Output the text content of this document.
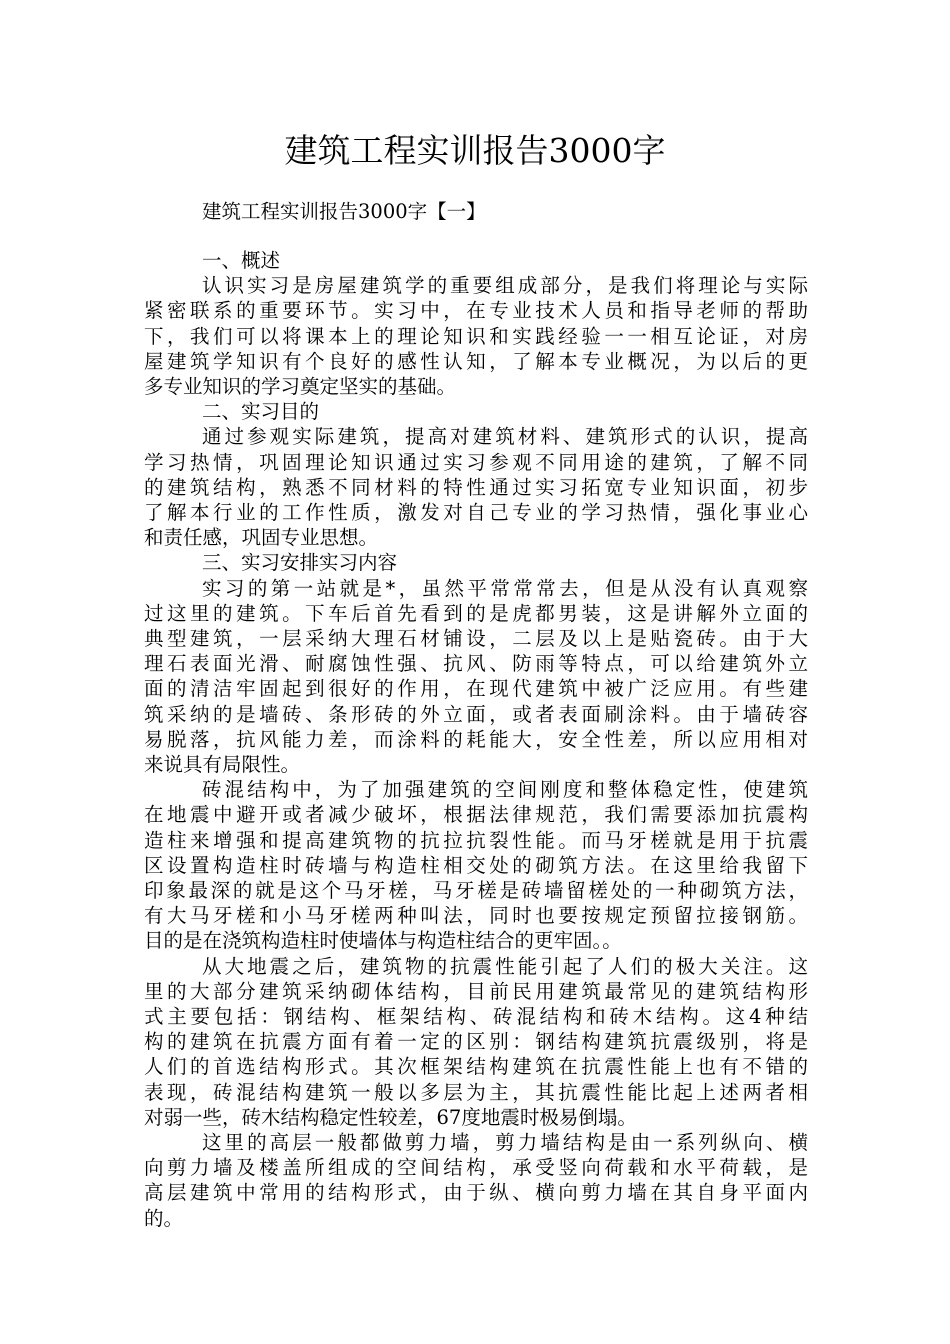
建筑工程实训报告3000字
建筑工程实训报告3000字【一】
一、概述
认识实习是房屋建筑学的重要组成部分，是我们将理论与实际
紧密联系的重要环节。实习中，在专业技术人员和指导老师的帮助
下，我们可以将课本上的理论知识和实践经验一一相互论证，对房
屋建筑学知识有个良好的感性认知，了解本专业概况，为以后的更
多专业知识的学习奠定坚实的基础。
二、实习目的
通过参观实际建筑，提高对建筑材料、建筑形式的认识，提高
学习热情，巩固理论知识通过实习参观不同用途的建筑，了解不同
的建筑结构，熟悉不同材料的特性通过实习拓宽专业知识面，初步
了解本行业的工作性质，激发对自己专业的学习热情，强化事业心
和责任感，巩固专业思想。
三、实习安排实习内容
实习的第一站就是*，虽然平常常常去，但是从没有认真观察
过这里的建筑。下车后首先看到的是虎都男装，这是讲解外立面的
典型建筑，一层采纳大理石材铺设，二层及以上是贴瓷砖。由于大
理石表面光滑、耐腐蚀性强、抗风、防雨等特点，可以给建筑外立
面的清洁牢固起到很好的作用，在现代建筑中被广泛应用。有些建
筑采纳的是墙砖、条形砖的外立面，或者表面刷涂料。由于墙砖容
易脱落，抗风能力差，而涂料的耗能大，安全性差，所以应用相对
来说具有局限性。
砖混结构中，为了加强建筑的空间刚度和整体稳定性，使建筑
在地震中避开或者减少破坏，根据法律规范，我们需要添加抗震构
造柱来增强和提高建筑物的抗拉抗裂性能。而马牙槎就是用于抗震
区设置构造柱时砖墙与构造柱相交处的砌筑方法。在这里给我留下
印象最深的就是这个马牙槎，马牙槎是砖墙留槎处的一种砌筑方法，
有大马牙槎和小马牙槎两种叫法，同时也要按规定预留拉接钢筋。
目的是在浇筑构造柱时使墙体与构造柱结合的更牢固。。
从大地震之后，建筑物的抗震性能引起了人们的极大关注。这
里的大部分建筑采纳砌体结构，目前民用建筑最常见的建筑结构形
式主要包括：钢结构、框架结构、砖混结构和砖木结构。这4种结
构的建筑在抗震方面有着一定的区别：钢结构建筑抗震级别，将是
人们的首选结构形式。其次框架结构建筑在抗震性能上也有不错的
表现，砖混结构建筑一般以多层为主，其抗震性能比起上述两者相
对弱一些，砖木结构稳定性较差，67度地震时极易倒塌。
这里的高层一般都做剪力墙，剪力墙结构是由一系列纵向、横
向剪力墙及楼盖所组成的空间结构，承受竖向荷载和水平荷载，是
高层建筑中常用的结构形式，由于纵、横向剪力墙在其自身平面内
的。
